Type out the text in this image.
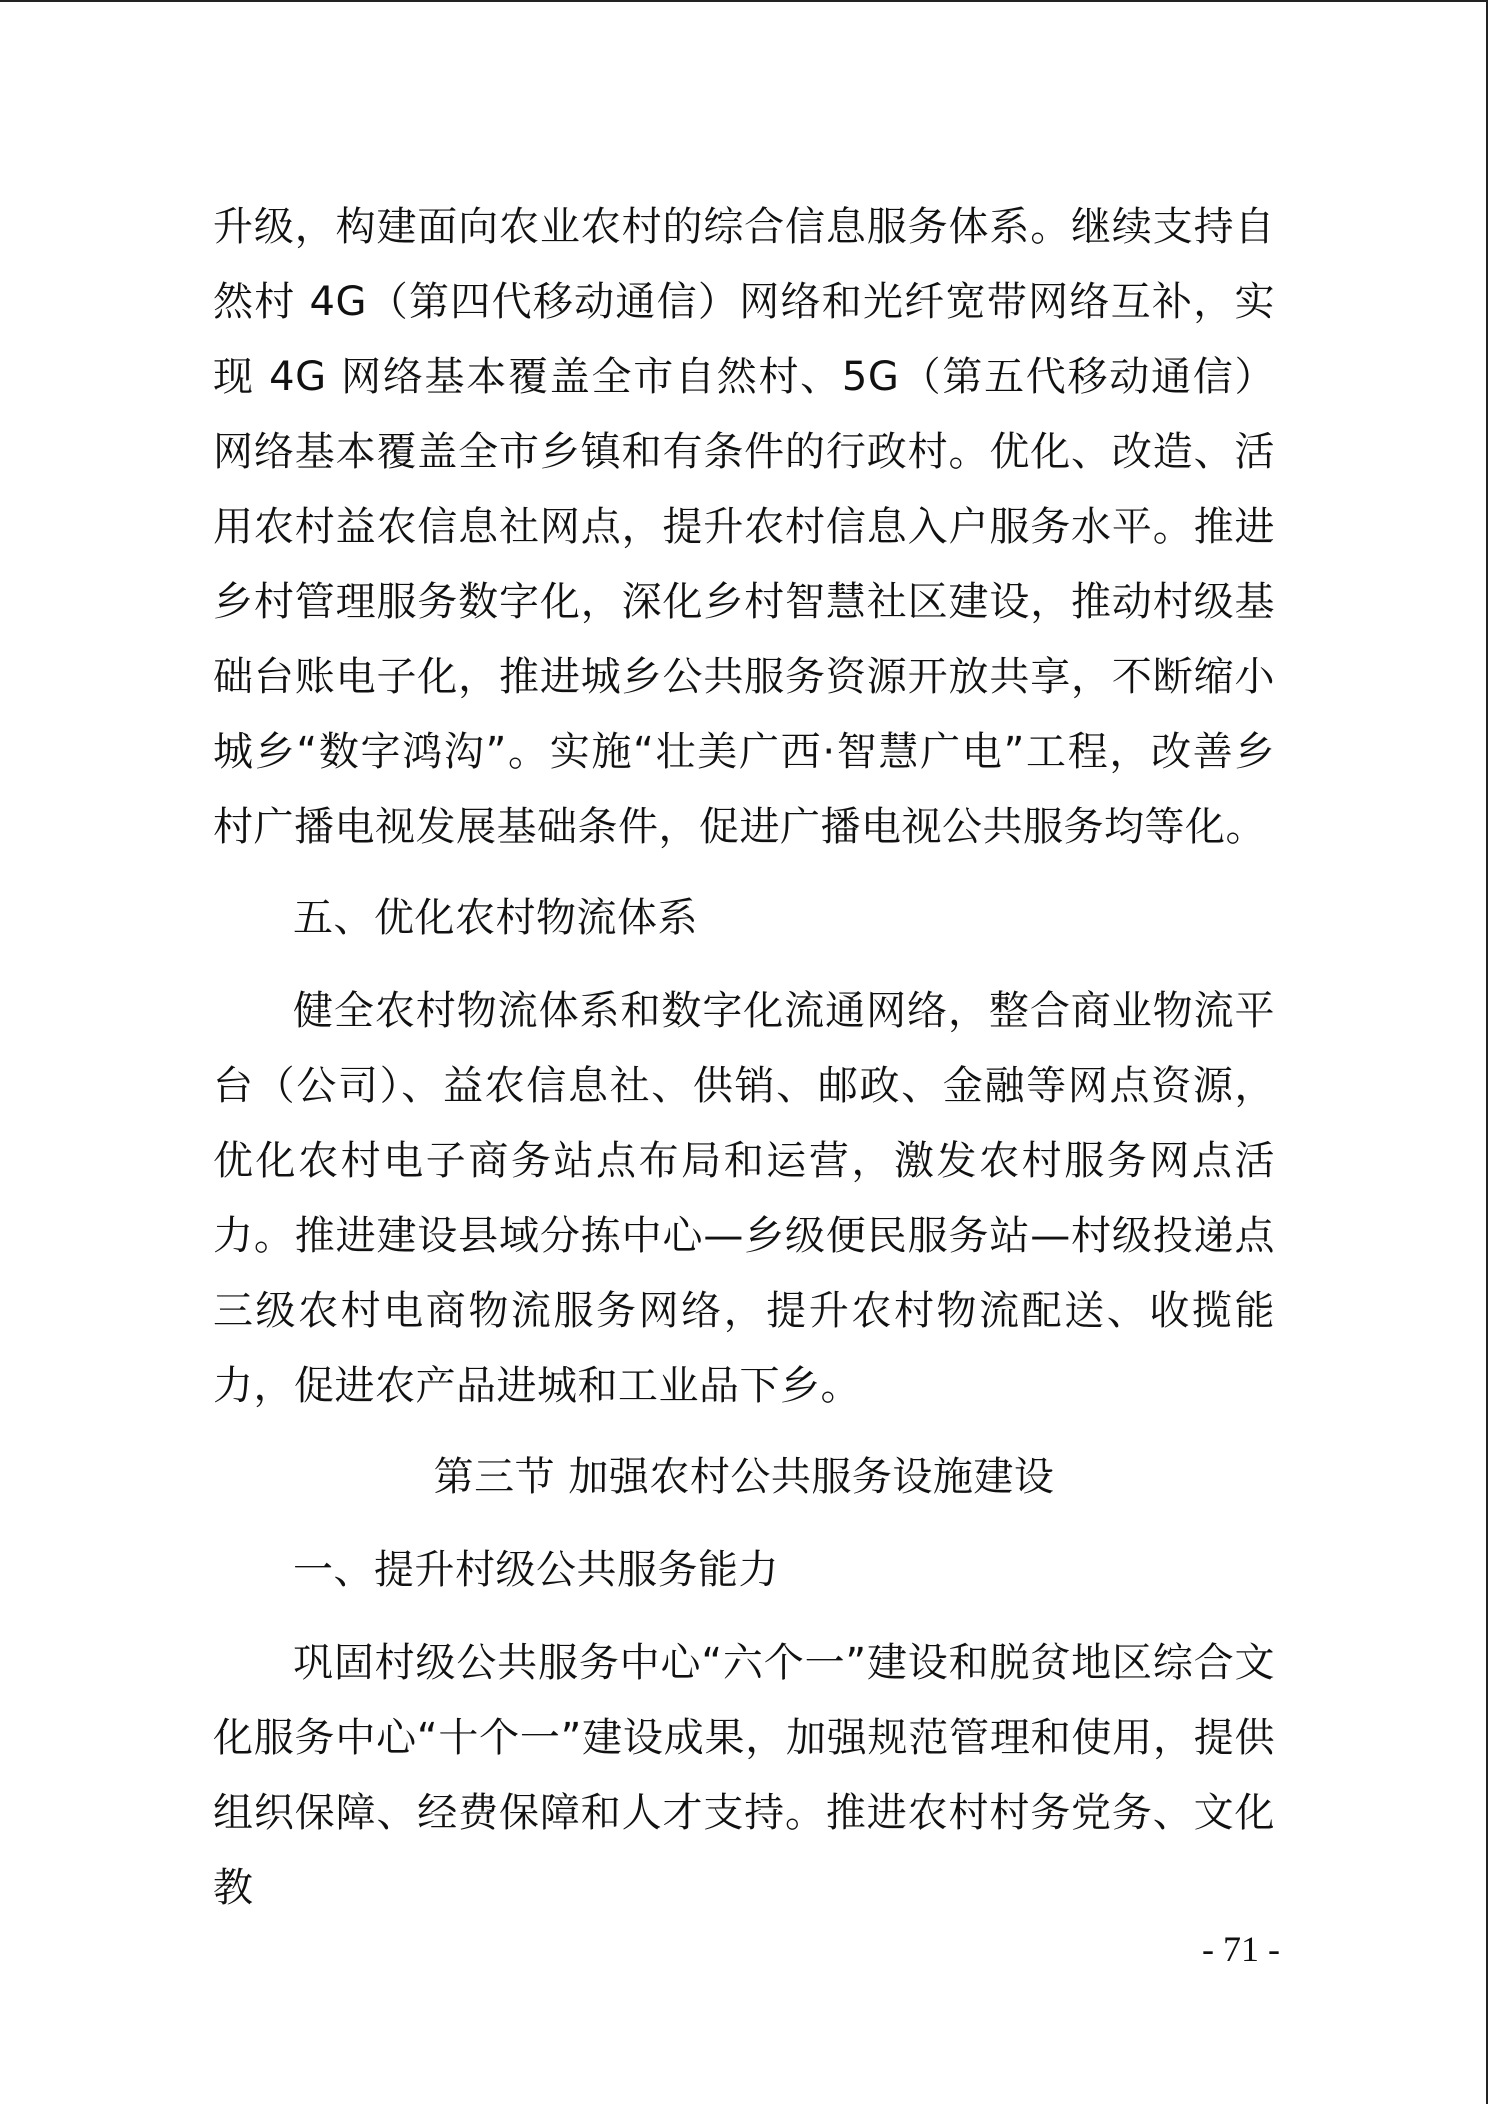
升级，构建面向农业农村的综合信息服务体系。继续支持自然村 4G（第四代移动通信）网络和光纤宽带网络互补，实现 4G 网络基本覆盖全市自然村、5G（第五代移动通信）网络基本覆盖全市乡镇和有条件的行政村。优化、改造、活用农村益农信息社网点，提升农村信息入户服务水平。推进乡村管理服务数字化，深化乡村智慧社区建设，推动村级基础台账电子化，推进城乡公共服务资源开放共享，不断缩小城乡“数字鸿沟”。实施“壮美广西·智慧广电”工程，改善乡村广播电视发展基础条件，促进广播电视公共服务均等化。

五、优化农村物流体系

健全农村物流体系和数字化流通网络，整合商业物流平台（公司）、益农信息社、供销、邮政、金融等网点资源，优化农村电子商务站点布局和运营，激发农村服务网点活力。推进建设县域分拣中心—乡级便民服务站—村级投递点三级农村电商物流服务网络，提升农村物流配送、收揽能力，促进农产品进城和工业品下乡。

第三节 加强农村公共服务设施建设
一、提升村级公共服务能力

巩固村级公共服务中心“六个一”建设和脱贫地区综合文化服务中心“十个一”建设成果，加强规范管理和使用，提供组织保障、经费保障和人才支持。推进农村村务党务、文化教

- 71 -
